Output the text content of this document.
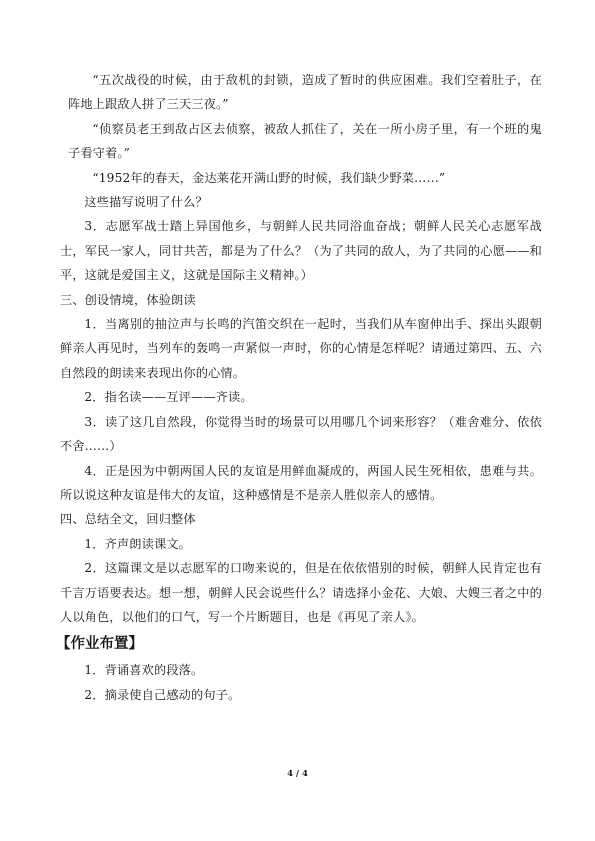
“五次战役的时候，由于敌机的封锁，造成了暂时的供应困难。我们空着肚子，在阵地上跟敌人拼了三天三夜。”

“侦察员老王到敌占区去侦察，被敌人抓住了，关在一所小房子里，有一个班的鬼子看守着。”

“1952年的春天，金达莱花开满山野的时候，我们缺少野菜……”

这些描写说明了什么？

3．志愿军战士踏上异国他乡，与朝鲜人民共同浴血奋战；朝鲜人民关心志愿军战士，军民一家人，同甘共苦，都是为了什么？（为了共同的敌人，为了共同的心愿——和平，这就是爱国主义，这就是国际主义精神。）

三、创设情境，体验朗读

1．当离别的抽泣声与长鸣的汽笛交织在一起时，当我们从车窗伸出手、探出头跟朝鲜亲人再见时，当列车的轰鸣一声紧似一声时，你的心情是怎样呢？请通过第四、五、六自然段的朗读来表现出你的心情。

2．指名读——互评——齐读。

3．读了这几自然段，你觉得当时的场景可以用哪几个词来形容？（难舍难分、依依不舍……）

4．正是因为中朝两国人民的友谊是用鲜血凝成的，两国人民生死相依，患难与共。所以说这种友谊是伟大的友谊，这种感情是不是亲人胜似亲人的感情。

四、总结全文，回归整体

1．齐声朗读课文。

2．这篇课文是以志愿军的口吻来说的，但是在依依惜别的时候，朝鲜人民肯定也有千言万语要表达。想一想，朝鲜人民会说些什么？请选择小金花、大娘、大嫂三者之中的人以角色，以他们的口气，写一个片断题目，也是《再见了亲人》。

【作业布置】

1．背诵喜欢的段落。

2．摘录使自己感动的句子。

4 / 4
